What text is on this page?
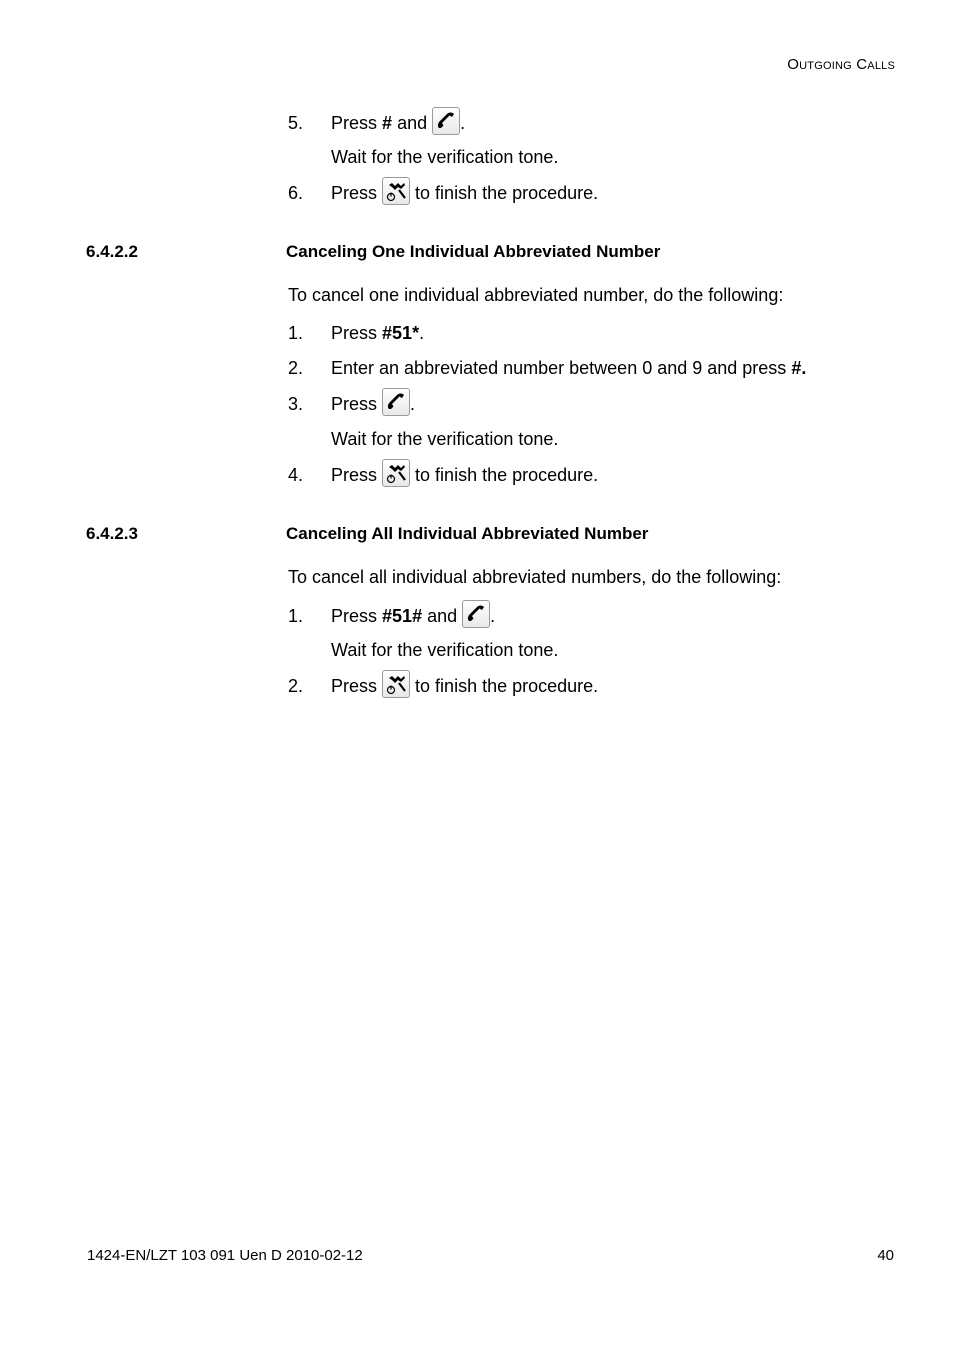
Outgoing Calls
5. Press # and .
Wait for the verification tone.
6. Press to finish the procedure.
6.4.2.2	Canceling One Individual Abbreviated Number
To cancel one individual abbreviated number, do the following:
1. Press #51*.
2. Enter an abbreviated number between 0 and 9 and press #.
3. Press .
Wait for the verification tone.
4. Press to finish the procedure.
6.4.2.3	Canceling All Individual Abbreviated Number
To cancel all individual abbreviated numbers, do the following:
1. Press #51# and .
Wait for the verification tone.
2. Press to finish the procedure.
1424-EN/LZT 103 091 Uen D 2010-02-12	40
